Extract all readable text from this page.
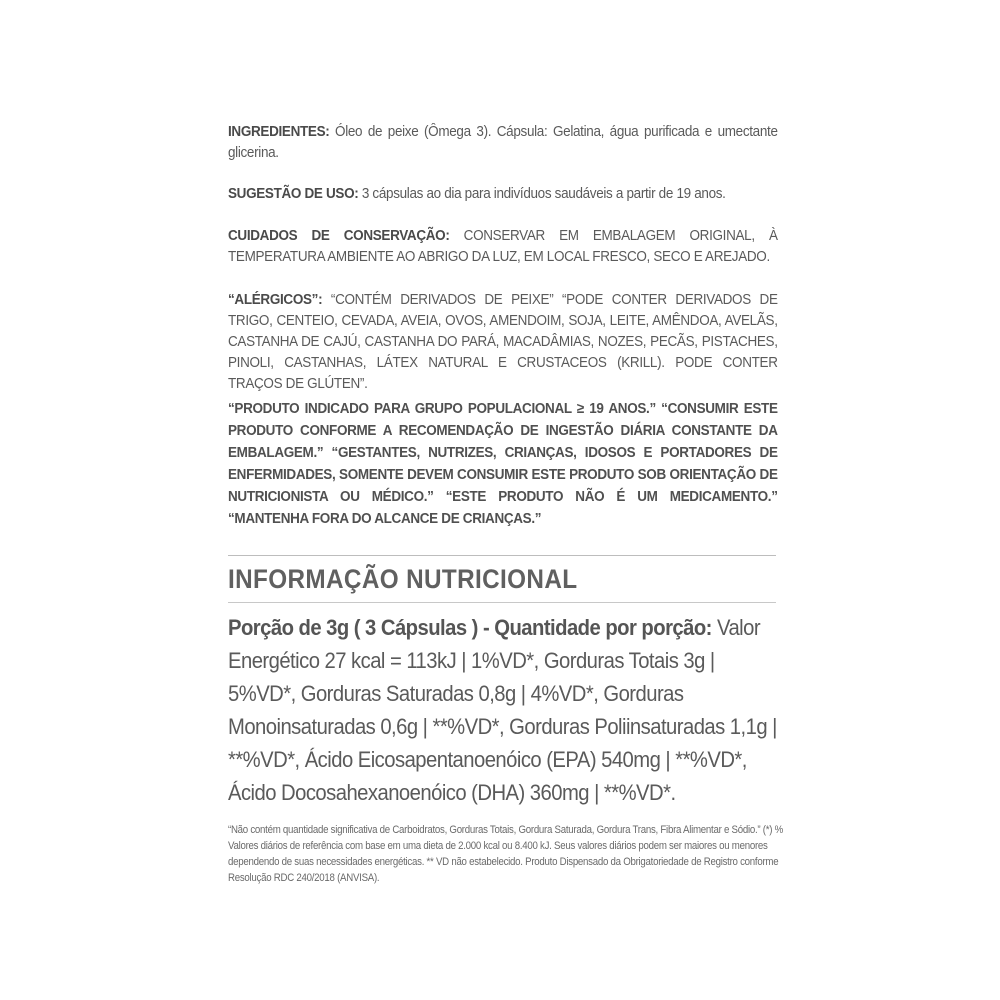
INGREDIENTES: Óleo de peixe (Ômega 3). Cápsula: Gelatina, água purificada e umectante glicerina.

SUGESTÃO DE USO: 3 cápsulas ao dia para indivíduos saudáveis a partir de 19 anos.

CUIDADOS DE CONSERVAÇÃO: CONSERVAR EM EMBALAGEM ORIGINAL, À TEMPERATURA AMBIENTE AO ABRIGO DA LUZ, EM LOCAL FRESCO, SECO E AREJADO.

“ALÉRGICOS”: “CONTÉM DERIVADOS DE PEIXE” “PODE CONTER DERIVADOS DE TRIGO, CENTEIO, CEVADA, AVEIA, OVOS, AMENDOIM, SOJA, LEITE, AMÊNDOA, AVELÃS, CASTANHA DE CAJÚ, CASTANHA DO PARÁ, MACADÂMIAS, NOZES, PECÃS, PISTACHES, PINOLI, CASTANHAS, LÁTEX NATURAL E CRUSTACEOS (KRILL). PODE CONTER TRAÇOS DE GLÚTEN”.

“PRODUTO INDICADO PARA GRUPO POPULACIONAL ≥ 19 ANOS.” “CONSUMIR ESTE PRODUTO CONFORME A RECOMENDAÇÃO DE INGESTÃO DIÁRIA CONSTANTE DA EMBALAGEM.” “GESTANTES, NUTRIZES, CRIANÇAS, IDOSOS E PORTADORES DE ENFERMIDADES, SOMENTE DEVEM CONSUMIR ESTE PRODUTO SOB ORIENTAÇÃO DE NUTRICIONISTA OU MÉDICO.” “ESTE PRODUTO NÃO É UM MEDICAMENTO.” “MANTENHA FORA DO ALCANCE DE CRIANÇAS.”

INFORMAÇÃO NUTRICIONAL

Porção de 3g ( 3 Cápsulas ) - Quantidade por porção: Valor Energético 27 kcal = 113kJ | 1%VD*, Gorduras Totais 3g | 5%VD*, Gorduras Saturadas 0,8g | 4%VD*, Gorduras Monoinsaturadas 0,6g | **%VD*, Gorduras Poliinsaturadas 1,1g | **%VD*, Ácido Eicosapentanoenóico (EPA) 540mg | **%VD*, Ácido Docosahexanoenóico (DHA) 360mg | **%VD*.

“Não contém quantidade significativa de Carboidratos, Gorduras Totais, Gordura Saturada, Gordura Trans, Fibra Alimentar e Sódio.” (*) % Valores diários de referência com base em uma dieta de 2.000 kcal ou 8.400 kJ. Seus valores diários podem ser maiores ou menores dependendo de suas necessidades energéticas. ** VD não estabelecido. Produto Dispensado da Obrigatoriedade de Registro conforme Resolução RDC 240/2018 (ANVISA).
